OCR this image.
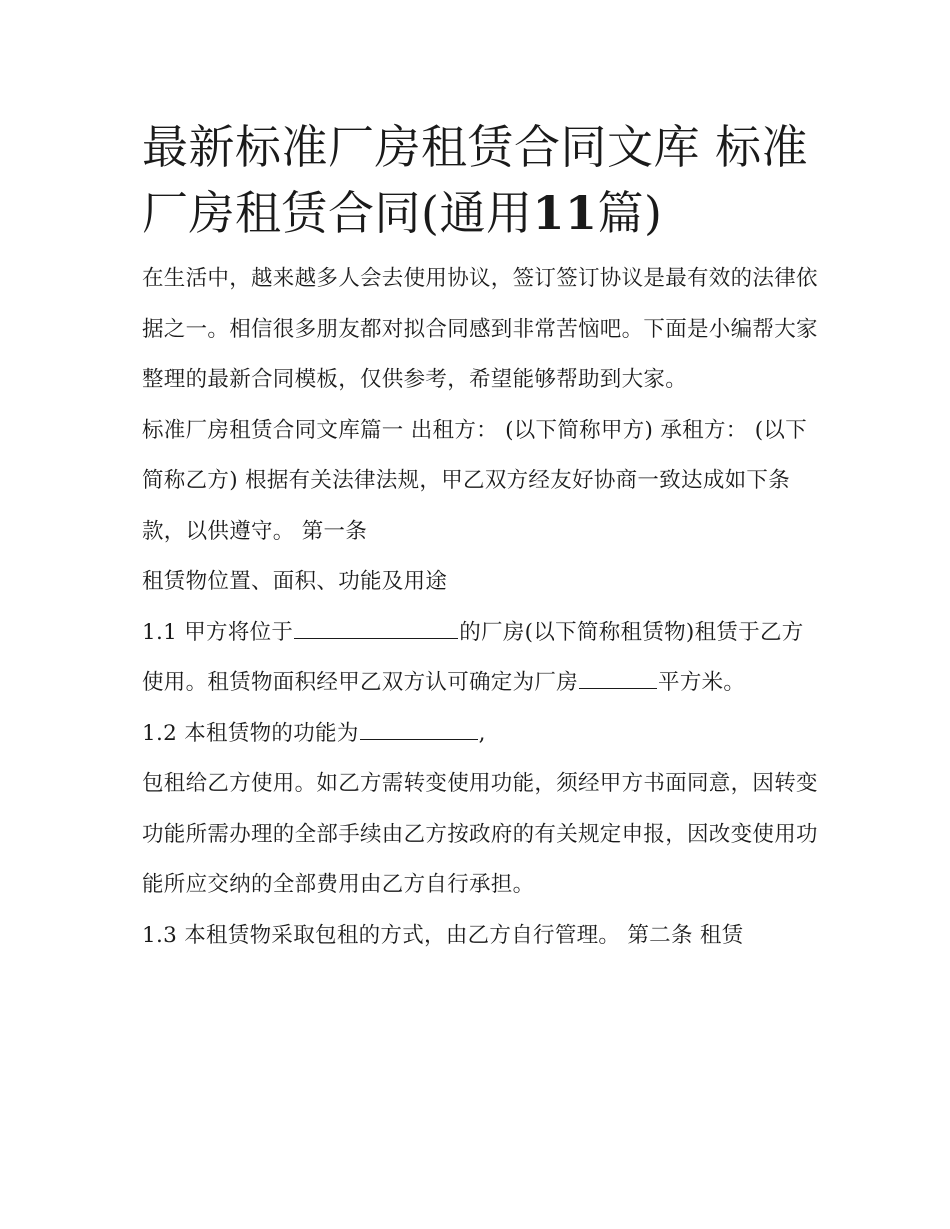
最新标准厂房租赁合同文库 标准厂房租赁合同(通用11篇)

在生活中，越来越多人会去使用协议，签订签订协议是最有效的法律依据之一。相信很多朋友都对拟合同感到非常苦恼吧。下面是小编帮大家整理的最新合同模板，仅供参考，希望能够帮助到大家。

标准厂房租赁合同文库篇一 出租方： (以下简称甲方) 承租方： (以下简称乙方) 根据有关法律法规，甲乙双方经友好协商一致达成如下条款，以供遵守。 第一条

租赁物位置、面积、功能及用途

1.1 甲方将位于	的厂房(以下简称租赁物)租赁于乙方使用。租赁物面积经甲乙双方认可确定为厂房	平方米。

1.2 本租赁物的功能为	,

包租给乙方使用。如乙方需转变使用功能，须经甲方书面同意，因转变功能所需办理的全部手续由乙方按政府的有关规定申报，因改变使用功能所应交纳的全部费用由乙方自行承担。

1.3 本租赁物采取包租的方式，由乙方自行管理。 第二条 租赁
